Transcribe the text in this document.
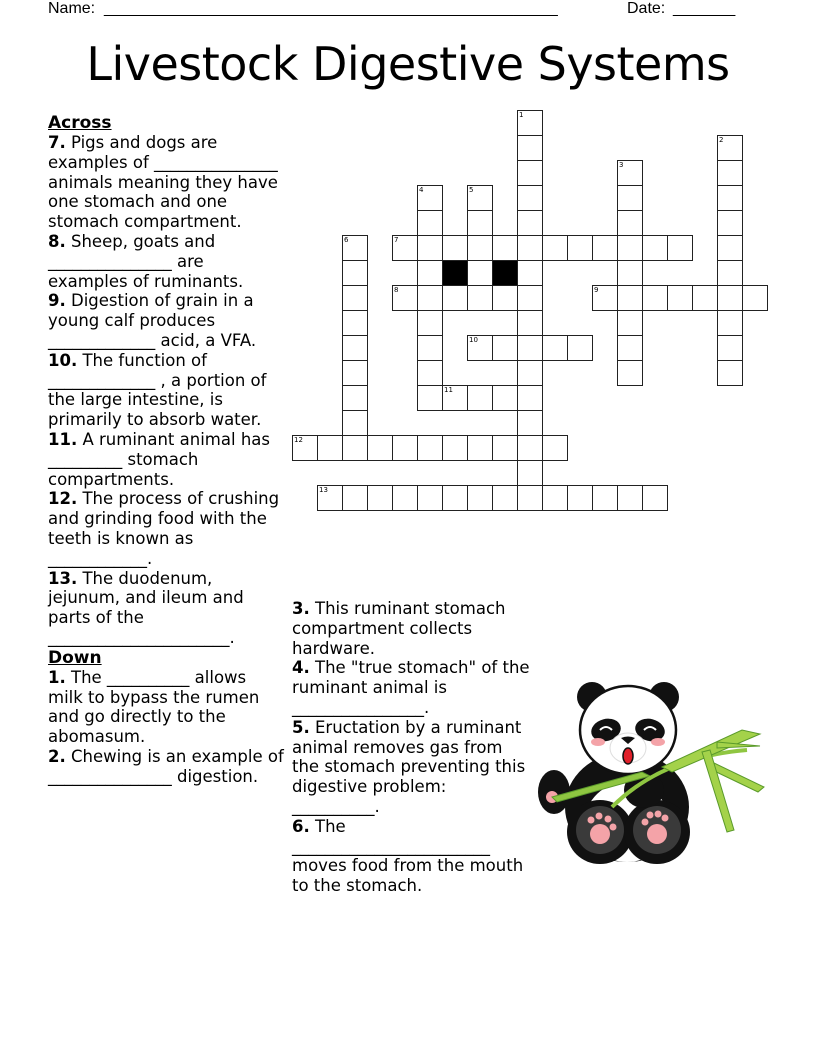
Name: ___________________________________________________	Date: _______
Livestock Digestive Systems
Across
7. Pigs and dogs are examples of _______________ animals meaning they have one stomach and one stomach compartment.
8. Sheep, goats and _______________ are examples of ruminants.
9. Digestion of grain in a young calf produces _____________ acid, a VFA.
10. The function of _____________ , a portion of the large intestine, is primarily to absorb water.
11. A ruminant animal has _________ stomach compartments.
12. The process of crushing and grinding food with the teeth is known as ____________.
13. The duodenum, jejunum, and ileum and parts of the ______________________.
Down
1. The __________ allows milk to bypass the rumen and go directly to the abomasum.
2. Chewing is an example of _______________ digestion.
3. This ruminant stomach compartment collects hardware.
4. The "true stomach" of the ruminant animal is ________________.
5. Eructation by a ruminant animal removes gas from the stomach preventing this digestive problem: __________.
6. The ________________________ moves food from the mouth to the stomach.
1
2
3
4	5
6	7
8	9
10
11
12
13
